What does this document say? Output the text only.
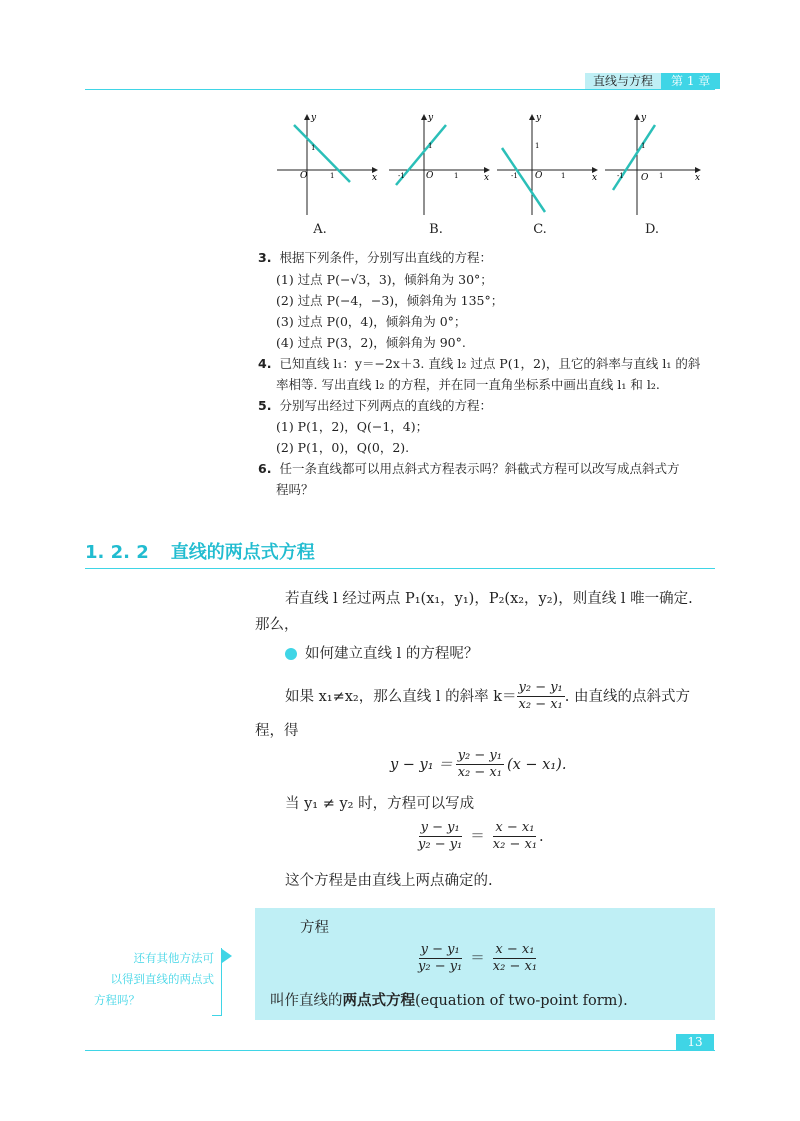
直线与方程	第 1 章
O	1
1
y
x	O
-1	1
1
y
x	O
-1	1
1
y
x	O
-1	1
1
y
x
A.	B.	C.	D.
3. 根据下列条件，分别写出直线的方程：
(1) 过点 P(−√3，3)，倾斜角为 30°；
(2) 过点 P(−4，−3)，倾斜角为 135°；
(3) 过点 P(0，4)，倾斜角为 0°；
(4) 过点 P(3，2)，倾斜角为 90°.
4. 已知直线 l₁：y＝−2x＋3. 直线 l₂ 过点 P(1，2)，且它的斜率与直线 l₁ 的斜
率相等. 写出直线 l₂ 的方程，并在同一直角坐标系中画出直线 l₁ 和 l₂.
5. 分别写出经过下列两点的直线的方程：
(1) P(1，2)，Q(−1，4)；
(2) P(1，0)，Q(0，2).
6. 任一条直线都可以用点斜式方程表示吗？斜截式方程可以改写成点斜式方
程吗？
1. 2. 2 直线的两点式方程
若直线 l 经过两点 P₁(x₁，y₁)，P₂(x₂，y₂)，则直线 l 唯一确定.
那么，
如何建立直线 l 的方程呢？
如果 x₁≠x₂，那么直线 l 的斜率 $k= \frac{\text{y₂ − y₁}}{\text{x₂ − x₁}}$ . 由直线的点斜式方
程，得
$y - y_1 = \frac{\text{y₂ − y₁}}{\text{x₂ − x₁}} (x - x_1)$.
当 y₁ ≠ y₂ 时，方程可以写成
$\frac{\text{y − y₁}}{\text{y₂ − y₁}} = \frac{\text{x − x₁}}{\text{x₂ − x₁}}$ .
这个方程是由直线上两点确定的.
方程
$\frac{\text{y − y₁}}{\text{y₂ − y₁}} = \frac{\text{x − x₁}}{\text{x₂ − x₁}}$
叫作直线的两点式方程(equation of two-point form).
还有其他方法可
以得到直线的两点式
方程吗？
13
